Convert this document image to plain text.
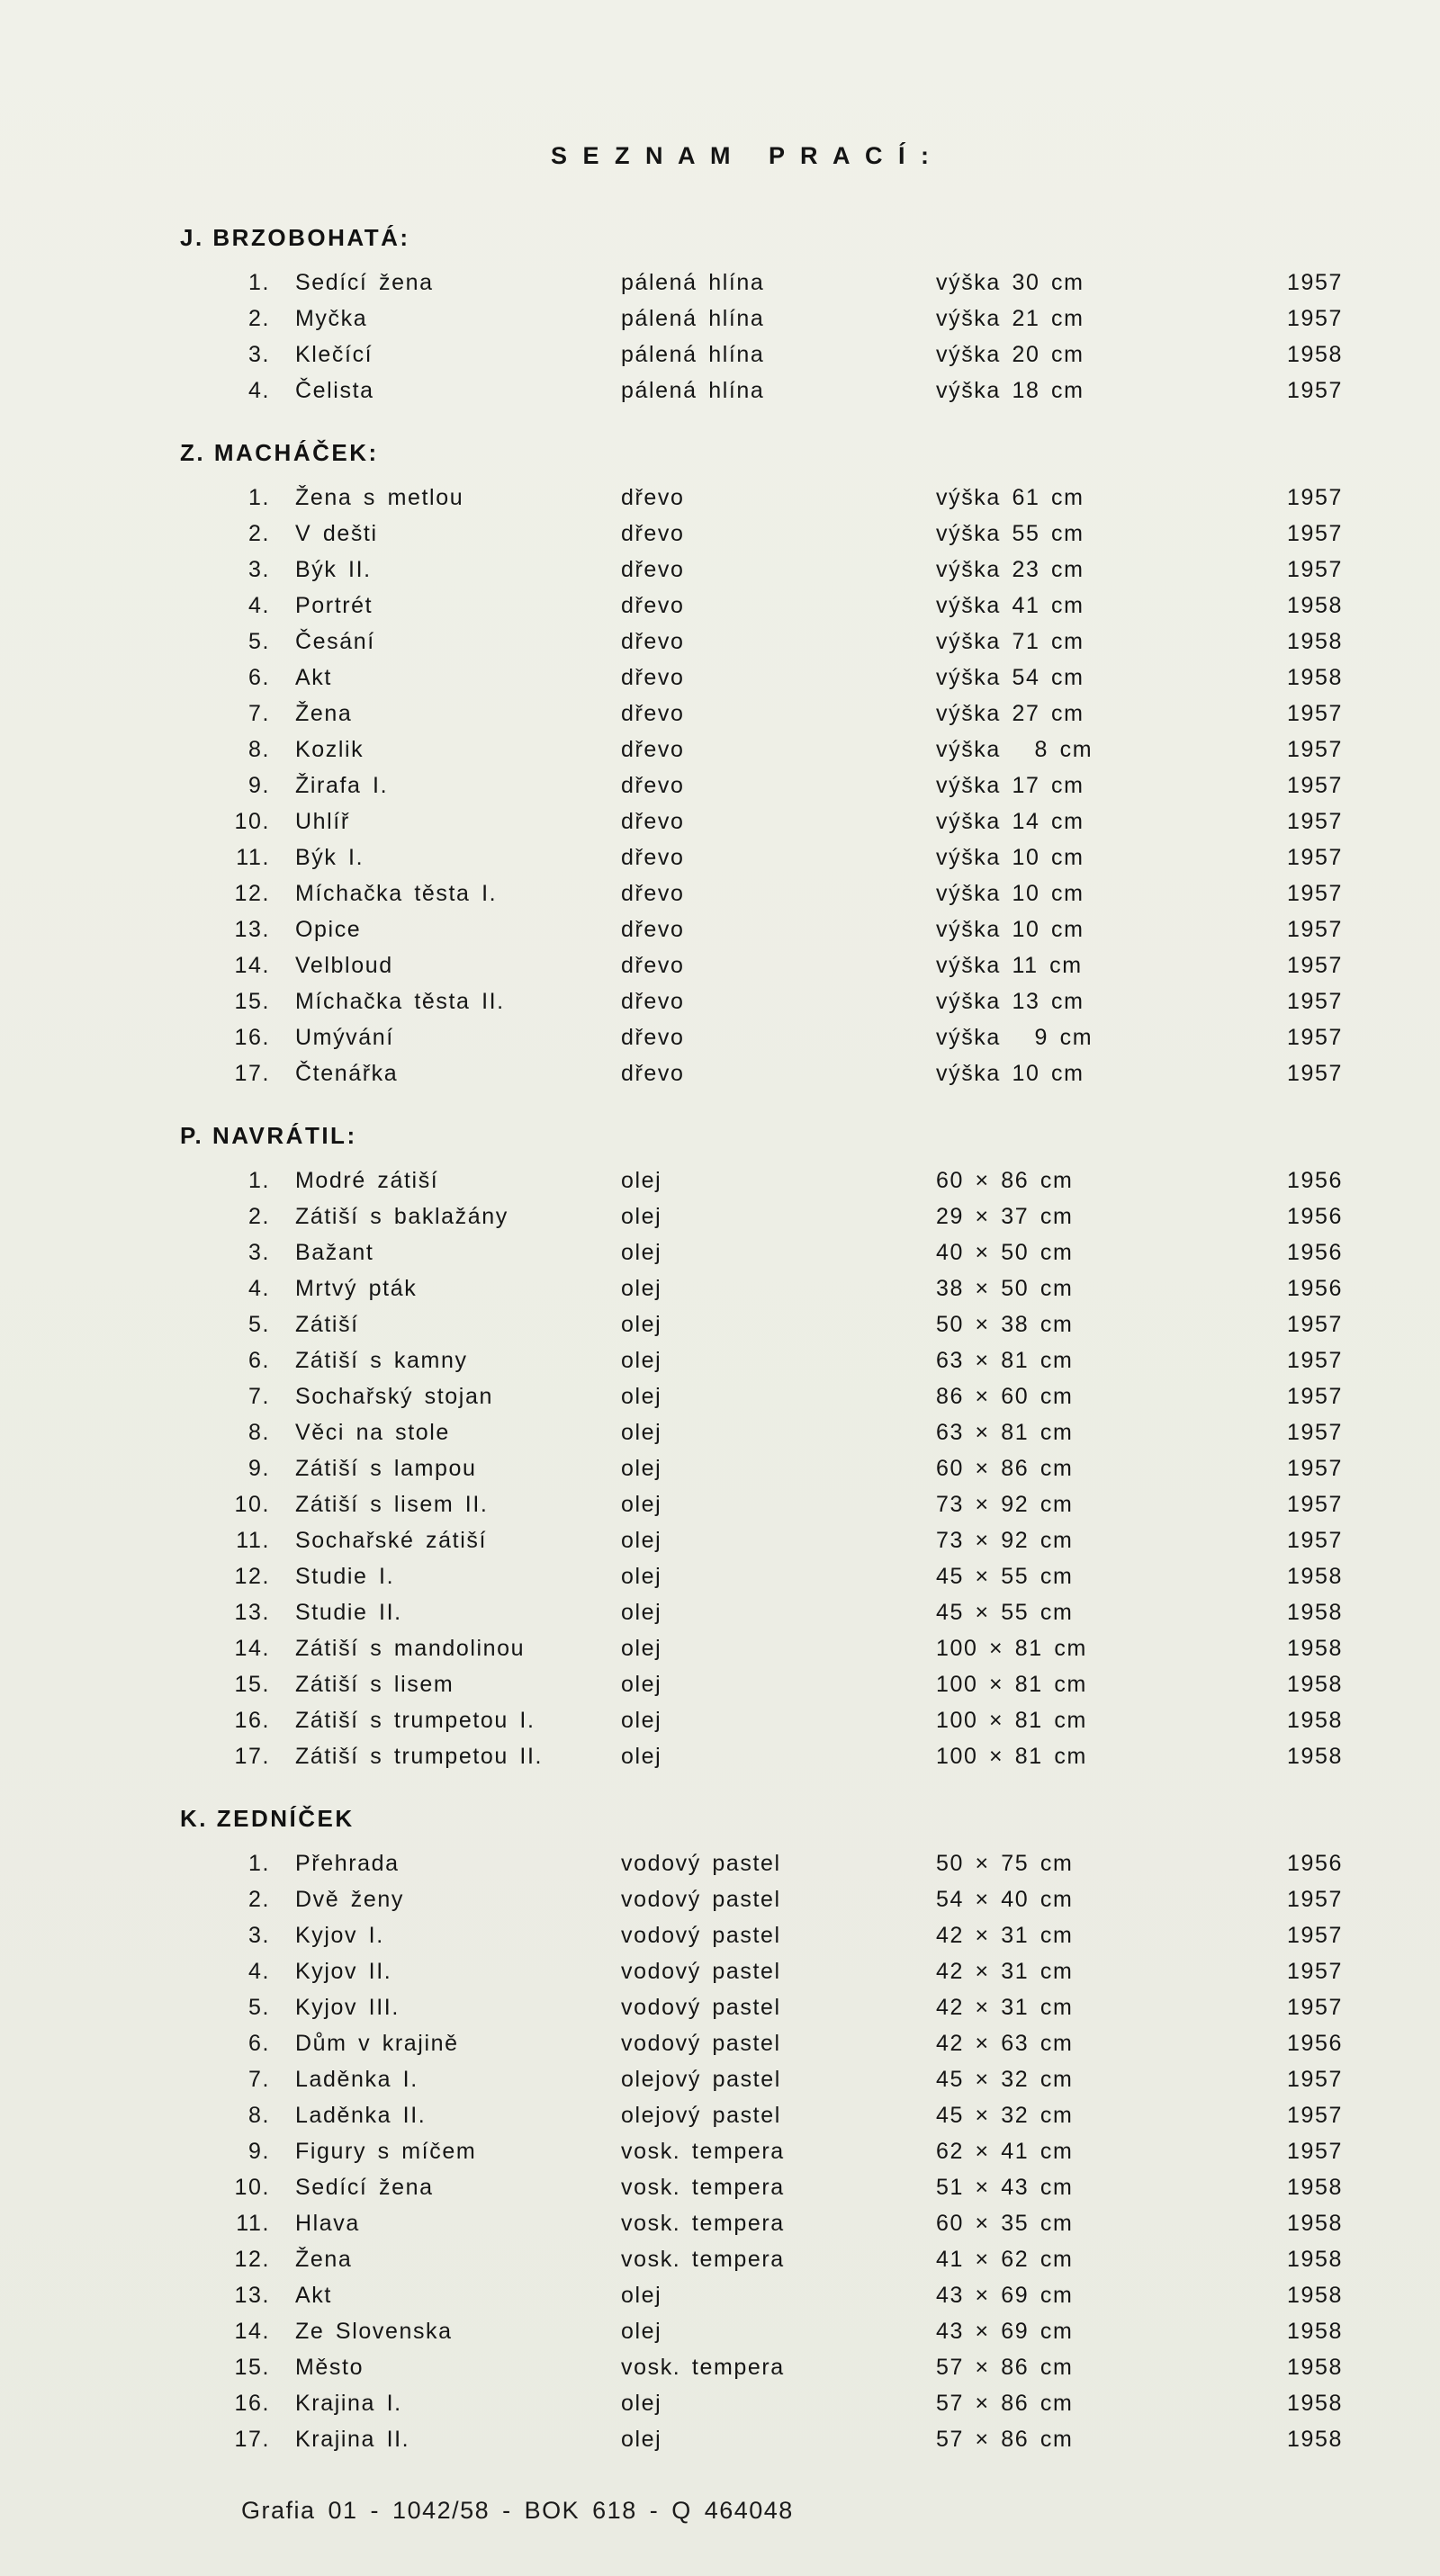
S E Z N A M   P R A C Í :
J. BRZOBOHATÁ:
1.	Sedící žena	pálená hlína	výška 30 cm	1957
2.	Myčka	pálená hlína	výška 21 cm	1957
3.	Klečící	pálená hlína	výška 20 cm	1958
4.	Čelista	pálená hlína	výška 18 cm	1957
Z. MACHÁČEK:
1.	Žena s metlou	dřevo	výška 61 cm	1957
2.	V dešti	dřevo	výška 55 cm	1957
3.	Býk II.	dřevo	výška 23 cm	1957
4.	Portrét	dřevo	výška 41 cm	1958
5.	Česání	dřevo	výška 71 cm	1958
6.	Akt	dřevo	výška 54 cm	1958
7.	Žena	dřevo	výška 27 cm	1957
8.	Kozlik	dřevo	výška   8 cm	1957
9.	Žirafa I.	dřevo	výška 17 cm	1957
10.	Uhlíř	dřevo	výška 14 cm	1957
11.	Býk I.	dřevo	výška 10 cm	1957
12.	Míchačka těsta I.	dřevo	výška 10 cm	1957
13.	Opice	dřevo	výška 10 cm	1957
14.	Velbloud	dřevo	výška 11 cm	1957
15.	Míchačka těsta II.	dřevo	výška 13 cm	1957
16.	Umývání	dřevo	výška   9 cm	1957
17.	Čtenářka	dřevo	výška 10 cm	1957
P. NAVRÁTIL:
1.	Modré zátiší	olej	60 × 86 cm	1956
2.	Zátiší s baklažány	olej	29 × 37 cm	1956
3.	Bažant	olej	40 × 50 cm	1956
4.	Mrtvý pták	olej	38 × 50 cm	1956
5.	Zátiší	olej	50 × 38 cm	1957
6.	Zátiší s kamny	olej	63 × 81 cm	1957
7.	Sochařský stojan	olej	86 × 60 cm	1957
8.	Věci na stole	olej	63 × 81 cm	1957
9.	Zátiší s lampou	olej	60 × 86 cm	1957
10.	Zátiší s lisem II.	olej	73 × 92 cm	1957
11.	Sochařské zátiší	olej	73 × 92 cm	1957
12.	Studie I.	olej	45 × 55 cm	1958
13.	Studie II.	olej	45 × 55 cm	1958
14.	Zátiší s mandolinou	olej	100 × 81 cm	1958
15.	Zátiší s lisem	olej	100 × 81 cm	1958
16.	Zátiší s trumpetou I.	olej	100 × 81 cm	1958
17.	Zátiší s trumpetou II.	olej	100 × 81 cm	1958
K. ZEDNÍČEK
1.	Přehrada	vodový pastel	50 × 75 cm	1956
2.	Dvě ženy	vodový pastel	54 × 40 cm	1957
3.	Kyjov I.	vodový pastel	42 × 31 cm	1957
4.	Kyjov II.	vodový pastel	42 × 31 cm	1957
5.	Kyjov III.	vodový pastel	42 × 31 cm	1957
6.	Dům v krajině	vodový pastel	42 × 63 cm	1956
7.	Laděnka I.	olejový pastel	45 × 32 cm	1957
8.	Laděnka II.	olejový pastel	45 × 32 cm	1957
9.	Figury s míčem	vosk. tempera	62 × 41 cm	1957
10.	Sedící žena	vosk. tempera	51 × 43 cm	1958
11.	Hlava	vosk. tempera	60 × 35 cm	1958
12.	Žena	vosk. tempera	41 × 62 cm	1958
13.	Akt	olej	43 × 69 cm	1958
14.	Ze Slovenska	olej	43 × 69 cm	1958
15.	Město	vosk. tempera	57 × 86 cm	1958
16.	Krajina I.	olej	57 × 86 cm	1958
17.	Krajina II.	olej	57 × 86 cm	1958
Grafia 01 - 1042/58 - BOK 618 - Q 464048
